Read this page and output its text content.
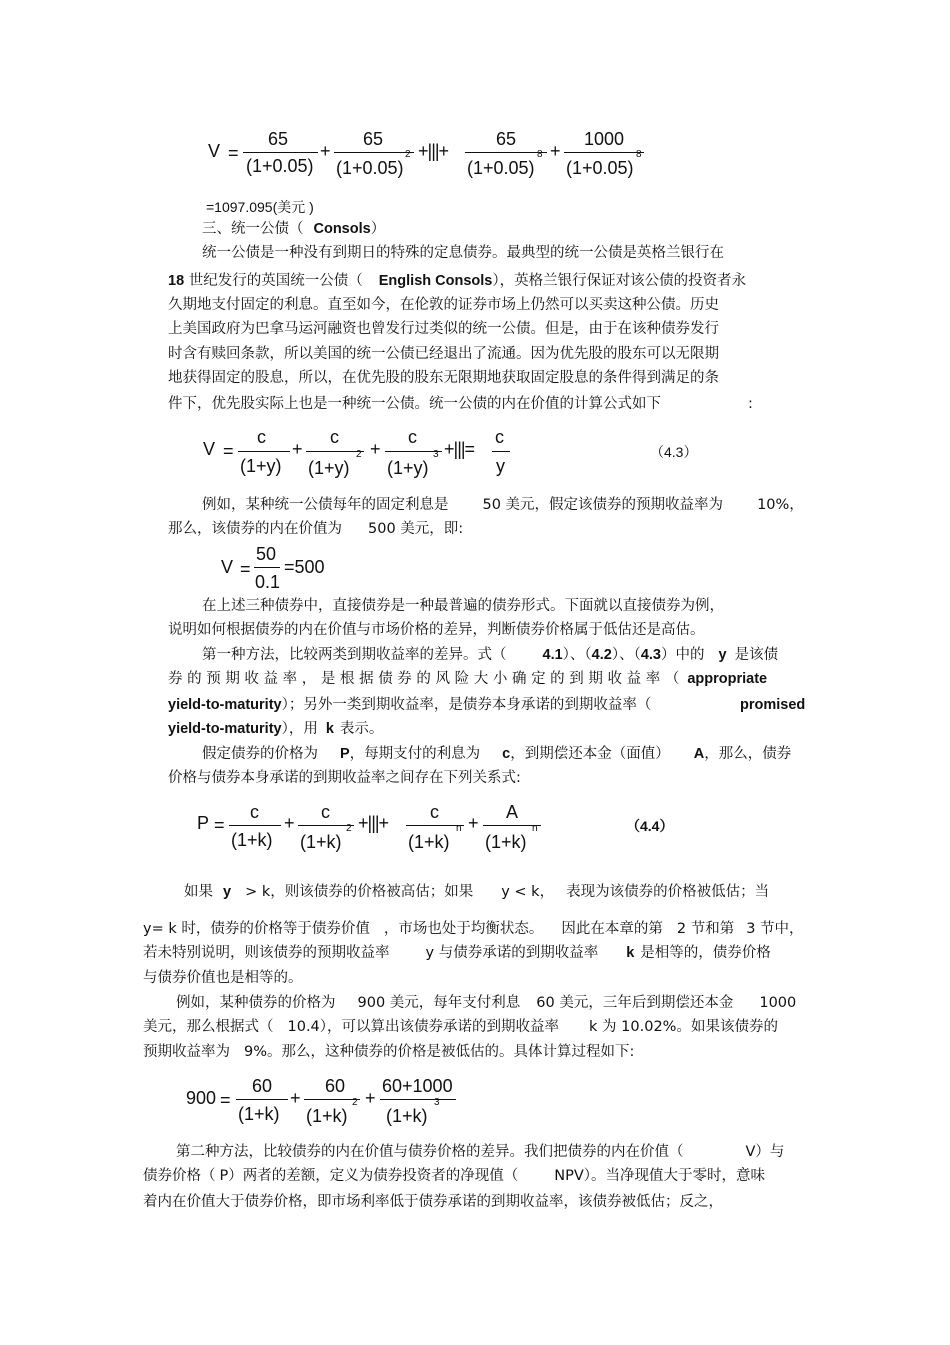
V =
65
(1+0.05)
+
65
(1+0.05)
2 +|||+
65
(1+0.05)
8 +
1000
(1+0.05)
8
=1097.095(美元 )
三、统一公债（ Consols）
统一公债是一种没有到期日的特殊的定息债券。最典型的统一公债是英格兰银行在
18 世纪发行的英国统一公债（ English Consols），英格兰银行保证对该公债的投资者永
久期地支付固定的利息。直至如今，在伦敦的证券市场上仍然可以买卖这种公债。历史
上美国政府为巴拿马运河融资也曾发行过类似的统一公债。但是，由于在该种债券发行
时含有赎回条款，所以美国的统一公债已经退出了流通。因为优先股的股东可以无限期
地获得固定的股息，所以，在优先股的股东无限期地获取固定股息的条件得到满足的条
件下，优先股实际上也是一种统一公债。统一公债的内在价值的计算公式如下	:
V =
c
(1+y)
+
c
(1+y)
2 +
c
(1+y)
3 +|||=
c
y
（4.3）
例如，某种统一公债每年的固定利息是 50 美元，假定该债券的预期收益率为 10%，
那么，该债券的内在价值为 500 美元，即:
V =
50
0.1
=500
在上述三种债券中，直接债券是一种最普遍的债券形式。下面就以直接债券为例，
说明如何根据债券的内在价值与市场价格的差异，判断债券价格属于低估还是高估。
第一种方法，比较两类到期收益率的差异。式（ 4.1）、（4.2）、（4.3）中的 y 是该债
券 的 预 期 收 益 率 ， 是 根 据 债 券 的 风 险 大 小 确 定 的 到 期 收 益 率 （ appropriate
yield-to-maturity）；另外一类到期收益率，是债券本身承诺的到期收益率（	promised
yield-to-maturity），用 k 表示。
假定债券的价格为 P，每期支付的利息为 c，到期偿还本金（面值） A，那么，债券
价格与债券本身承诺的到期收益率之间存在下列关系式:
P =
c
(1+k)
+
c
(1+k)
2 +|||+
c
(1+k)
n +
A
(1+k)
n	（4.4）
如果 y > k，则该债券的价格被高估；如果 y < k， 表现为该债券的价格被低估；当
y= k 时，债券的价格等于债券价值 ，市场也处于均衡状态。 因此在本章的第 2 节和第 3 节中，
若未特别说明，则该债券的预期收益率 y 与债券承诺的到期收益率 k 是相等的，债券价格
与债券价值也是相等的。
例如，某种债券的价格为 900 美元，每年支付利息 60 美元，三年后到期偿还本金 1000
美元，那么根据式（ 10.4），可以算出该债券承诺的到期收益率 k 为 10.02%。如果该债券的
预期收益率为 9%。那么，这种债券的价格是被低估的。具体计算过程如下:
900 =
60
(1+k)
+
60
(1+k)
2 +
60+1000
(1+k)
3
第二种方法，比较债券的内在价值与债券价格的差异。我们把债券的内在价值（	V）与
债券价格（ P）两者的差额，定义为债券投资者的净现值（ NPV）。当净现值大于零时，意味
着内在价值大于债券价格，即市场利率低于债券承诺的到期收益率，该债券被低估；反之，
